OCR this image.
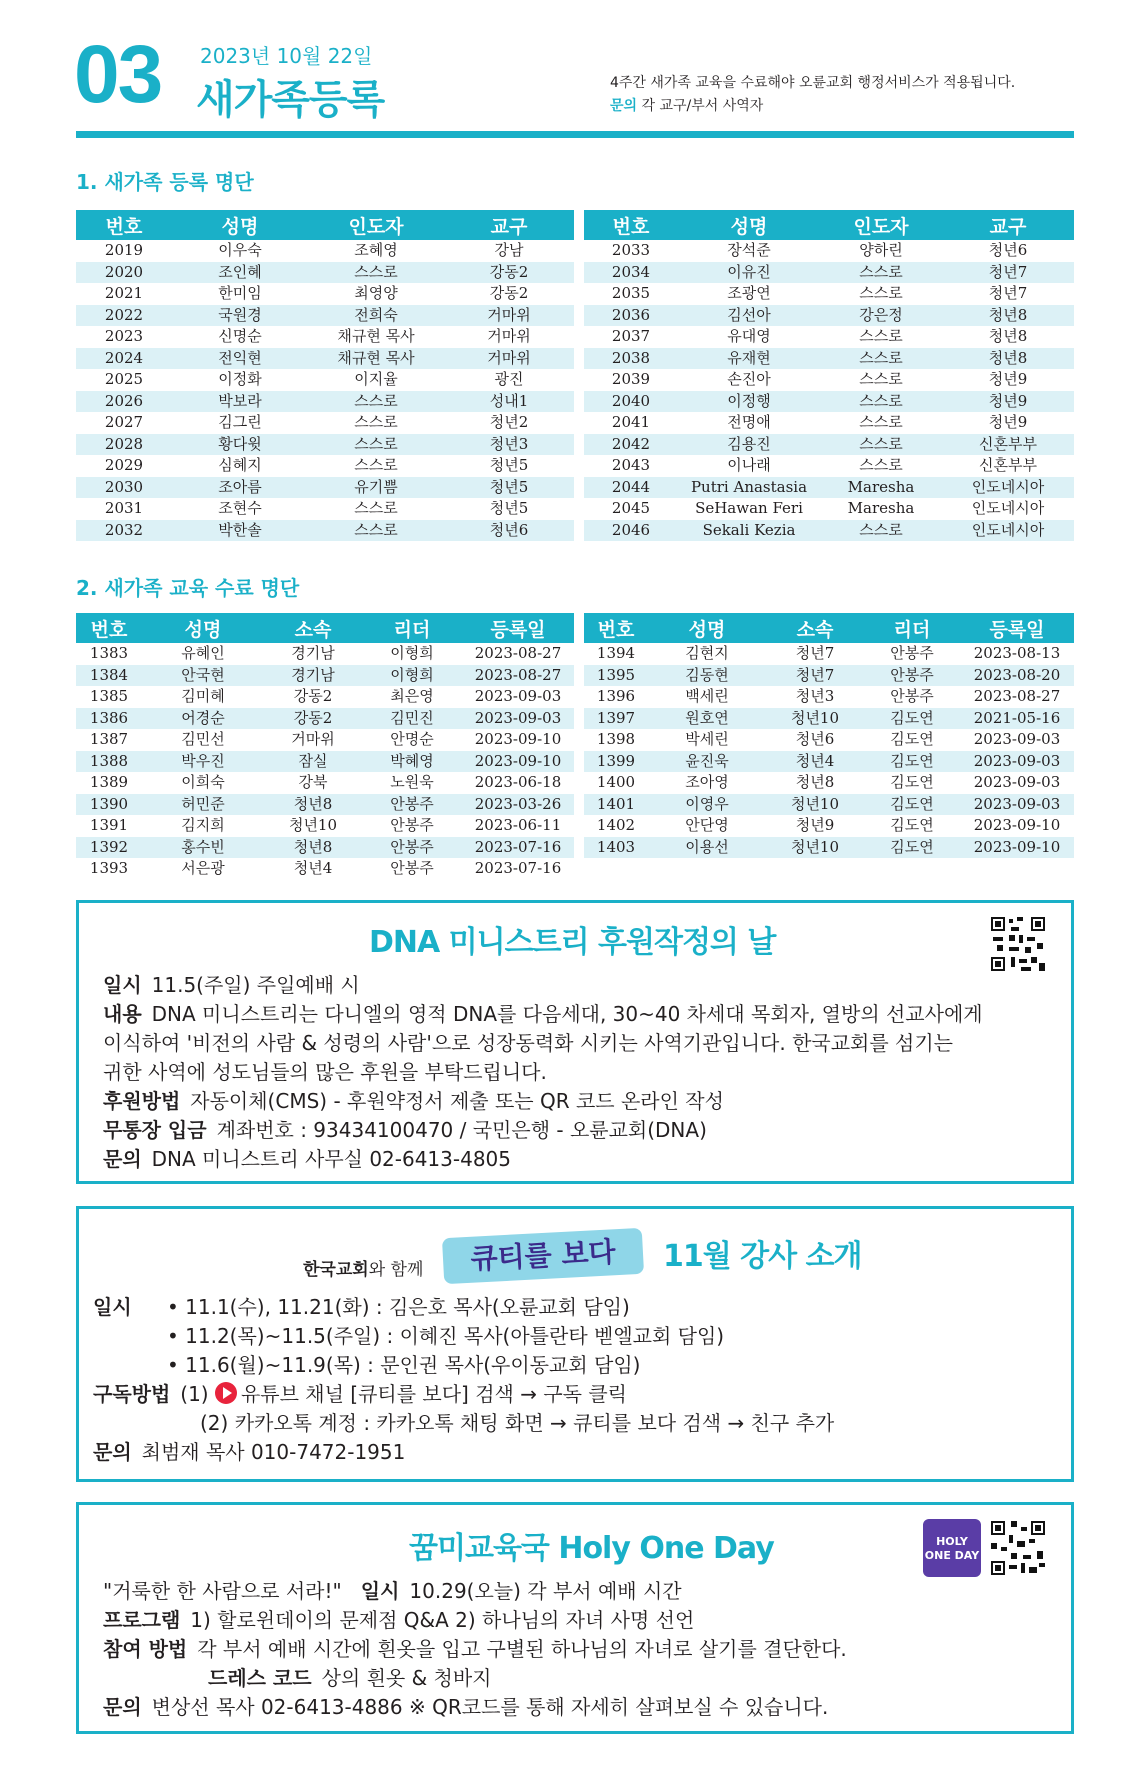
03 2023년 10월 22일
새가족등록	4주간 새가족 교육을 수료해야 오륜교회 행정서비스가 적용됩니다.
문의 각 교구/부서 사역자
1. 새가족 등록 명단
번호	성명	인도자	교구
2019	이우숙	조혜영	강남
2020	조인혜	스스로	강동2
2021	한미임	최영양	강동2
2022	국원경	전희숙	거마위
2023	신명순	채규현 목사	거마위
2024	전익현	채규현 목사	거마위
2025	이정화	이지율	광진
2026	박보라	스스로	성내1
2027	김그린	스스로	청년2
2028	황다윗	스스로	청년3
2029	심혜지	스스로	청년5
2030	조아름	유기쁨	청년5
2031	조현수	스스로	청년5
2032	박한솔	스스로	청년6
번호	성명	인도자	교구
2033	장석준	양하린	청년6
2034	이유진	스스로	청년7
2035	조광연	스스로	청년7
2036	김선아	강은정	청년8
2037	유대영	스스로	청년8
2038	유재현	스스로	청년8
2039	손진아	스스로	청년9
2040	이정행	스스로	청년9
2041	전명애	스스로	청년9
2042	김용진	스스로	신혼부부
2043	이나래	스스로	신혼부부
2044	Putri Anastasia	Maresha	인도네시아
2045	SeHawan Feri	Maresha	인도네시아
2046	Sekali Kezia	스스로	인도네시아
2. 새가족 교육 수료 명단
번호	성명	소속	리더	등록일
1383	유혜인	경기남	이형희	2023-08-27
1384	안국현	경기남	이형희	2023-08-27
1385	김미혜	강동2	최은영	2023-09-03
1386	어경순	강동2	김민진	2023-09-03
1387	김민선	거마위	안명순	2023-09-10
1388	박우진	잠실	박혜영	2023-09-10
1389	이희숙	강북	노원욱	2023-06-18
1390	허민준	청년8	안봉주	2023-03-26
1391	김지희	청년10	안봉주	2023-06-11
1392	홍수빈	청년8	안봉주	2023-07-16
1393	서은광	청년4	안봉주	2023-07-16
번호	성명	소속	리더	등록일
1394	김현지	청년7	안봉주	2023-08-13
1395	김동현	청년7	안봉주	2023-08-20
1396	백세린	청년3	안봉주	2023-08-27
1397	원호연	청년10	김도연	2021-05-16
1398	박세린	청년6	김도연	2023-09-03
1399	윤진욱	청년4	김도연	2023-09-03
1400	조아영	청년8	김도연	2023-09-03
1401	이영우	청년10	김도연	2023-09-03
1402	안단영	청년9	김도연	2023-09-10
1403	이용선	청년10	김도연	2023-09-10
DNA 미니스트리 후원작정의 날
일시 11.5(주일) 주일예배 시
내용 DNA 미니스트리는 다니엘의 영적 DNA를 다음세대, 30~40 차세대 목회자, 열방의 선교사에게
이식하여 '비전의 사람 & 성령의 사람'으로 성장동력화 시키는 사역기관입니다. 한국교회를 섬기는
귀한 사역에 성도님들의 많은 후원을 부탁드립니다.
후원방법 자동이체(CMS) - 후원약정서 제출 또는 QR 코드 온라인 작성
무통장 입금 계좌번호 : 93434100470 / 국민은행 - 오륜교회(DNA)
문의 DNA 미니스트리 사무실 02-6413-4805
한국교회와 함께	큐티를 보다	11월 강사 소개
일시	• 11.1(수), 11.21(화) : 김은호 목사(오륜교회 담임)
• 11.2(목)~11.5(주일) : 이혜진 목사(아틀란타 벧엘교회 담임)
• 11.6(월)~11.9(목) : 문인권 목사(우이동교회 담임)
구독방법 (1) 유튜브 채널 [큐티를 보다] 검색 → 구독 클릭
(2) 카카오톡 계정 : 카카오톡 채팅 화면 → 큐티를 보다 검색 → 친구 추가
문의 최범재 목사 010-7472-1951
꿈미교육국 Holy One Day	HOLY ONE DAY
"거룩한 한 사람으로 서라!" 일시 10.29(오늘) 각 부서 예배 시간
프로그램 1) 할로윈데이의 문제점 Q&A 2) 하나님의 자녀 사명 선언
참여 방법 각 부서 예배 시간에 흰옷을 입고 구별된 하나님의 자녀로 살기를 결단한다.
드레스 코드 상의 흰옷 & 청바지
문의 변상선 목사 02-6413-4886 ※ QR코드를 통해 자세히 살펴보실 수 있습니다.
